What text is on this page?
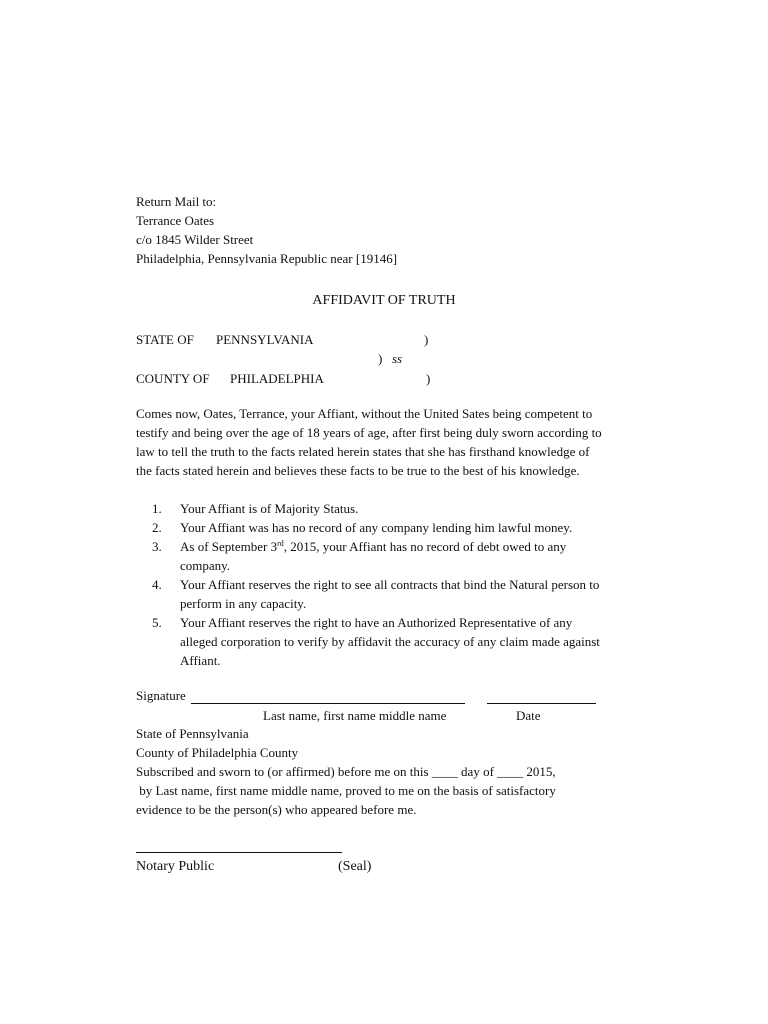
Return Mail to:
Terrance Oates
c/o 1845 Wilder Street
Philadelphia, Pennsylvania Republic near [19146]
AFFIDAVIT OF TRUTH
STATE OF PENNSYLVANIA	)
) ss
COUNTY OF PHILADELPHIA	)
Comes now, Oates, Terrance, your Affiant, without the United Sates being competent to
testify and being over the age of 18 years of age, after first being duly sworn according to
law to tell the truth to the facts related herein states that she has firsthand knowledge of
the facts stated herein and believes these facts to be true to the best of his knowledge.
1.	Your Affiant is of Majority Status.
2.	Your Affiant was has no record of any company lending him lawful money.
3.	As of September 3rd, 2015, your Affiant has no record of debt owed to any
company.
4.	Your Affiant reserves the right to see all contracts that bind the Natural person to
perform in any capacity.
5.	Your Affiant reserves the right to have an Authorized Representative of any
alleged corporation to verify by affidavit the accuracy of any claim made against
Affiant.
Signature
Last name, first name middle name	Date
State of Pennsylvania
County of Philadelphia County
Subscribed and sworn to (or affirmed) before me on this ____ day of ____ 2015,
by Last name, first name middle name, proved to me on the basis of satisfactory
evidence to be the person(s) who appeared before me.
Notary Public	(Seal)
